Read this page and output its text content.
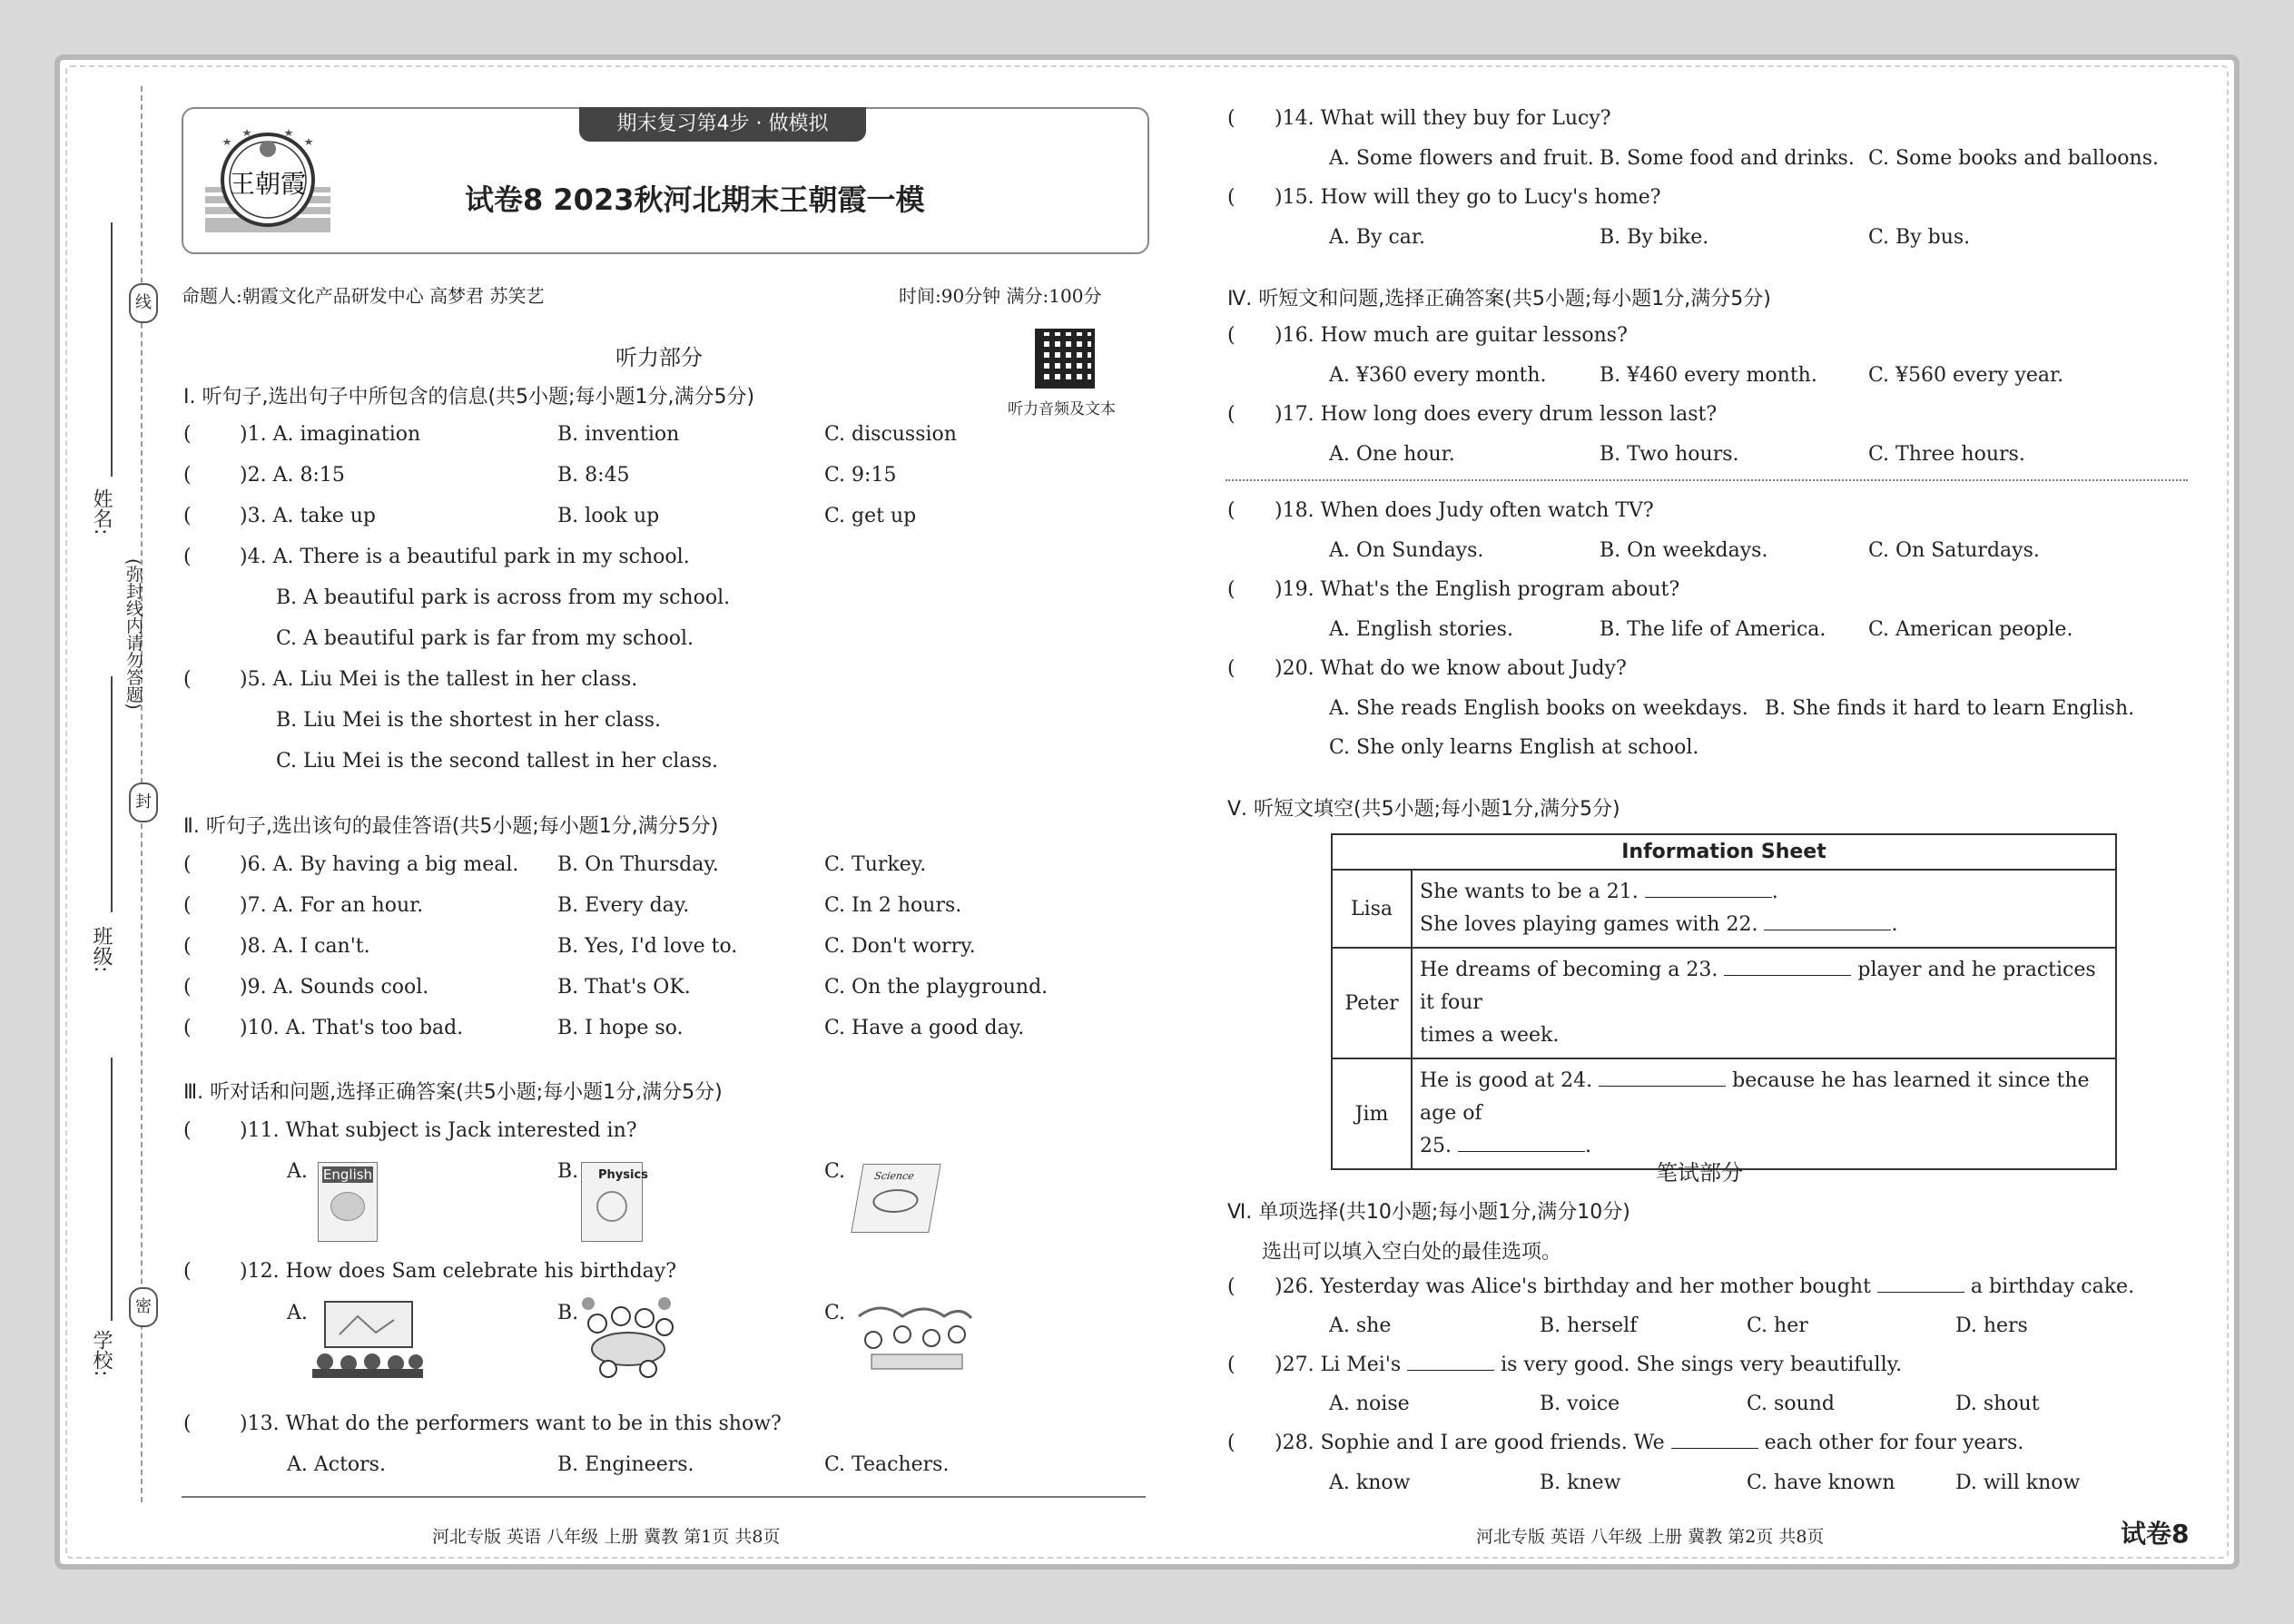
线
封
密
姓名:
班级:
学校:
(弥封线内请勿答题)
期末复习第4步 · 做模拟
王朝霞	试卷8 2023秋河北期末王朝霞一模
命题人:朝霞文化产品研发中心 高梦君 苏笑艺	时间:90分钟 满分:100分
听力音频及文本
听力部分
Ⅰ. 听句子,选出句子中所包含的信息(共5小题;每小题1分,满分5分)
( )1. A. imagination	B. invention	C. discussion
( )2. A. 8:15	B. 8:45	C. 9:15
( )3. A. take up	B. look up	C. get up
( )4. A. There is a beautiful park in my school.
B. A beautiful park is across from my school.
C. A beautiful park is far from my school.
( )5. A. Liu Mei is the tallest in her class.
B. Liu Mei is the shortest in her class.
C. Liu Mei is the second tallest in her class.
Ⅱ. 听句子,选出该句的最佳答语(共5小题;每小题1分,满分5分)
( )6. A. By having a big meal. B. On Thursday.	C. Turkey.
( )7. A. For an hour.	B. Every day.	C. In 2 hours.
( )8. A. I can't.	B. Yes, I'd love to.	C. Don't worry.
( )9. A. Sounds cool.	B. That's OK.	C. On the playground.
( )10. A. That's too bad.	B. I hope so.	C. Have a good day.
Ⅲ. 听对话和问题,选择正确答案(共5小题;每小题1分,满分5分)
( )11. What subject is Jack interested in?
A. English	B. Physics	C.	Science
( )12. How does Sam celebrate his birthday?
A.	B.	C.
( )13. What do the performers want to be in this show?
A. Actors.	B. Engineers.	C. Teachers.
河北专版 英语 八年级 上册 冀教 第1页 共8页
( )14. What will they buy for Lucy?
A. Some flowers and fruit. B. Some food and drinks. C. Some books and balloons.
( )15. How will they go to Lucy's home?
A. By car.	B. By bike.	C. By bus.
Ⅳ. 听短文和问题,选择正确答案(共5小题;每小题1分,满分5分)
( )16. How much are guitar lessons?
A. ¥360 every month.	B. ¥460 every month.	C. ¥560 every year.
( )17. How long does every drum lesson last?
A. One hour.	B. Two hours.	C. Three hours.
( )18. When does Judy often watch TV?
A. On Sundays.	B. On weekdays.	C. On Saturdays.
( )19. What's the English program about?
A. English stories.	B. The life of America. C. American people.
( )20. What do we know about Judy?
A. She reads English books on weekdays. B. She finds it hard to learn English.
C. She only learns English at school.
Ⅴ. 听短文填空(共5小题;每小题1分,满分5分)
Information Sheet	
Lisa	She wants to be a 21. .
She loves playing games with 22. .
Peter	He dreams of becoming a 23. player and he practices it four
times a week.
Jim	He is good at 24. because he has learned it since the age of
25. .
笔试部分
Ⅵ. 单项选择(共10小题;每小题1分,满分10分)
选出可以填入空白处的最佳选项。
( )26. Yesterday was Alice's birthday and her mother bought	a birthday cake.
A. she	B. herself	C. her	D. hers
( )27. Li Mei's	is very good. She sings very beautifully.
A. noise	B. voice	C. sound	D. shout
( )28. Sophie and I are good friends. We	each other for four years.
A. know	B. knew	C. have known	D. will know
河北专版 英语 八年级 上册 冀教 第2页 共8页	试卷8
